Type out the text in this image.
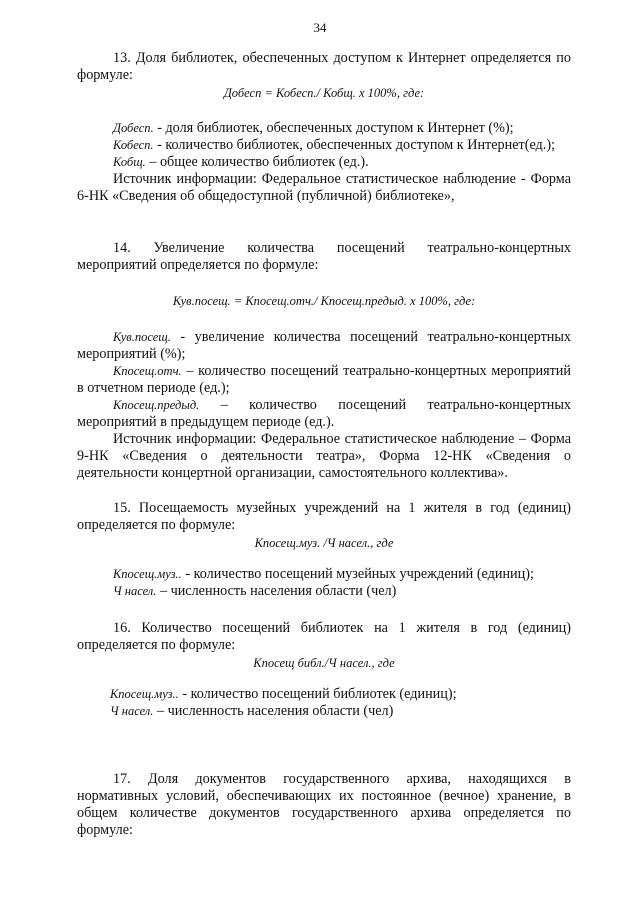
34

13. Доля библиотек, обеспеченных доступом к Интернет определяется по формуле:

Добесп = Кобесп./ Кобщ. х 100%, где:

Добесп. - доля библиотек, обеспеченных доступом к Интернет (%);

Кобесп. - количество библиотек, обеспеченных доступом к Интернет(ед.);

Кобщ. – общее количество библиотек (ед.).

Источник информации: Федеральное статистическое наблюдение - Форма 6-НК «Сведения об общедоступной (публичной) библиотеке»,

14. Увеличение количества посещений театрально-концертных мероприятий определяется по формуле:

Кув.посещ. = Кпосещ.отч./ Кпосещ.предыд. х 100%, где:

Кув.посещ. - увеличение количества посещений театрально-концертных мероприятий (%);

Кпосещ.отч. – количество посещений театрально-концертных мероприятий в отчетном периоде (ед.);

Кпосещ.предыд. – количество посещений театрально-концертных мероприятий в предыдущем периоде (ед.).

Источник информации: Федеральное статистическое наблюдение – Форма 9-НК «Сведения о деятельности театра», Форма 12-НК «Сведения о деятельности концертной организации, самостоятельного коллектива».

15. Посещаемость музейных учреждений на 1 жителя в год (единиц) определяется по формуле:

Кпосещ.муз. /Ч насел., где

Кпосещ.муз.. - количество посещений музейных учреждений (единиц);

Ч насел. – численность населения области (чел)

16. Количество посещений библиотек на 1 жителя в год (единиц) определяется по формуле:

Кпосещ библ./Ч насел., где

Кпосещ.муз.. - количество посещений библиотек (единиц);

Ч насел. – численность населения области (чел)

17. Доля документов государственного архива, находящихся в нормативных условий, обеспечивающих их постоянное (вечное) хранение, в общем количестве документов государственного архива определяется по формуле:
